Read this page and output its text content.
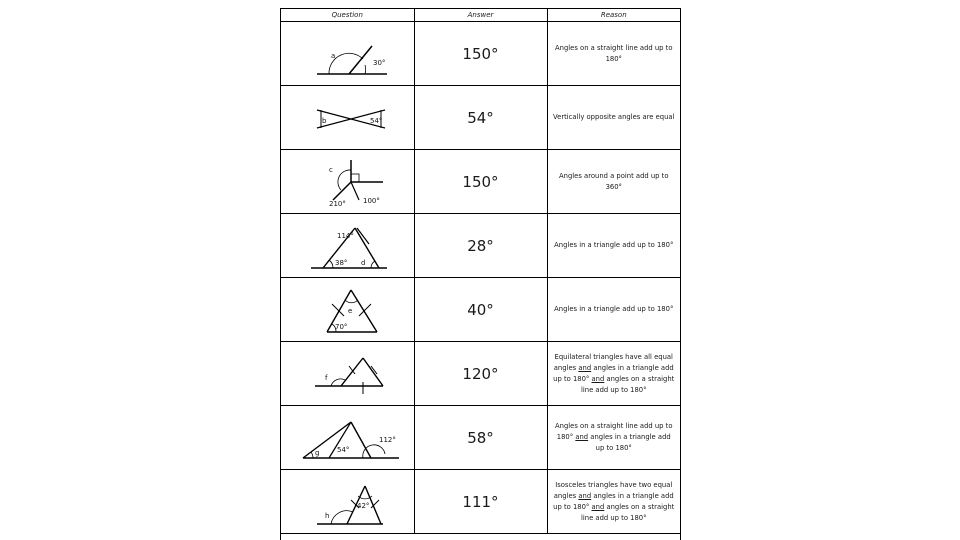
Question	Answer	Reason

a
30°	150°	Angles on a straight line add up to 180°

b 54°	54°	Vertically opposite angles are equal

c
210° 100°	150°	Angles around a point add up to 360°

114°
38° d	28°	Angles in a triangle add up to 180°

e
70°	40°	Angles in a triangle add up to 180°

f	120°	Equilateral triangles have all equal angles and angles in a triangle add up to 180° and angles on a straight line add up to 180°

g 54°
112°	58°	Angles on a straight line add up to 180° and angles in a triangle add up to 180°

h
42°	111°	Isosceles triangles have two equal angles and angles in a triangle add up to 180° and angles on a straight line add up to 180°
